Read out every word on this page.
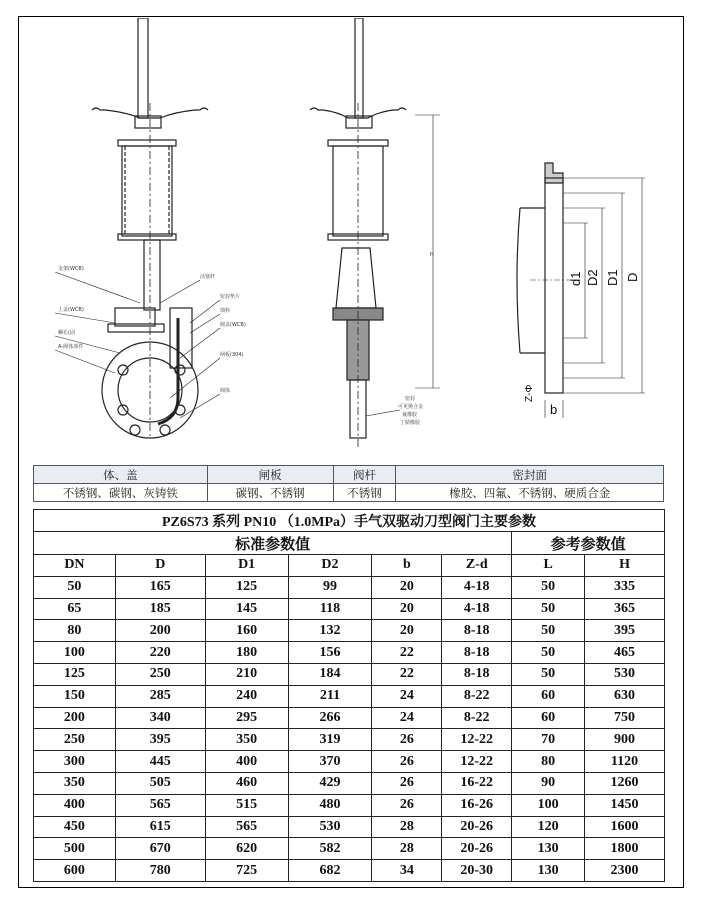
支架(WCB)
上盖(WCB)
螺孔(固
A-阀体部件
活塞杆
密封垫片
填料
阀盖(WCB)
闸板(304)
阀体
H
密封
可更换合金
氟橡胶
丁腈橡胶
d1 D2 D1 D
Z-Φ
b
体、盖	闸板	阀杆	密封面
不锈钢、碳钢、灰铸铁	碳钢、不锈钢	不锈钢	橡胶、四氟、不锈钢、硬质合金
PZ6S73 系列 PN10 （1.0MPa）手气双驱动刀型阀门主要参数							
标准参数值						参考参数值	
DN	D	D1	D2	b	Z-d	L	H
50	165	125	99	20	4-18	50	335
65	185	145	118	20	4-18	50	365
80	200	160	132	20	8-18	50	395
100	220	180	156	22	8-18	50	465
125	250	210	184	22	8-18	50	530
150	285	240	211	24	8-22	60	630
200	340	295	266	24	8-22	60	750
250	395	350	319	26	12-22	70	900
300	445	400	370	26	12-22	80	1120
350	505	460	429	26	16-22	90	1260
400	565	515	480	26	16-26	100	1450
450	615	565	530	28	20-26	120	1600
500	670	620	582	28	20-26	130	1800
600	780	725	682	34	20-30	130	2300
